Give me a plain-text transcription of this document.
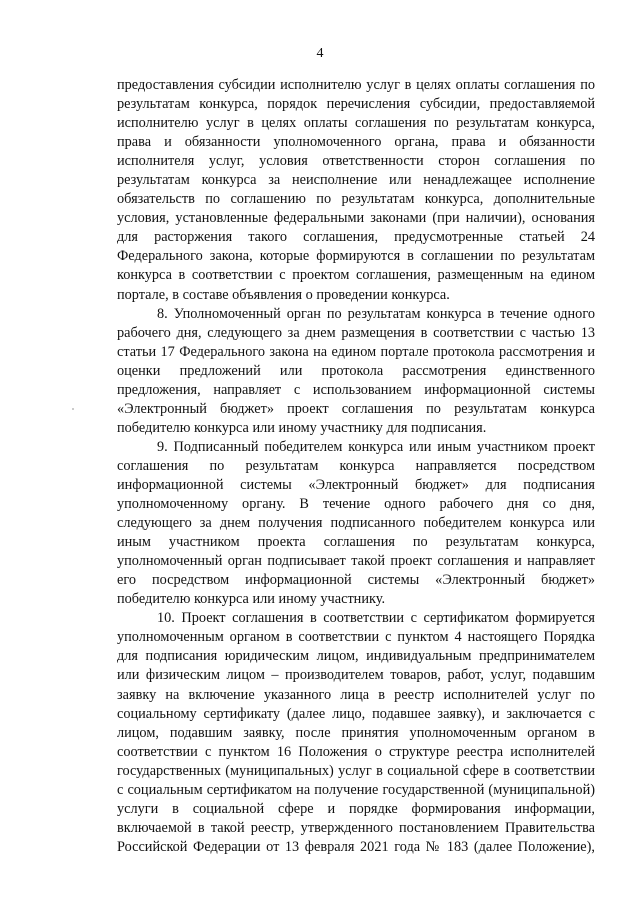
4

предоставления субсидии исполнителю услуг в целях оплаты соглашения по
результатам конкурса, порядок перечисления субсидии, предоставляемой
исполнителю услуг в целях оплаты соглашения по результатам конкурса,
права и обязанности уполномоченного органа, права и обязанности
исполнителя услуг, условия ответственности сторон соглашения по
результатам конкурса за неисполнение или ненадлежащее исполнение
обязательств по соглашению по результатам конкурса, дополнительные
условия, установленные федеральными законами (при наличии), основания
для расторжения такого соглашения, предусмотренные статьей 24
Федерального закона, которые формируются в соглашении по результатам
конкурса в соответствии с проектом соглашения, размещенным на едином
портале, в составе объявления о проведении конкурса.

8. Уполномоченный орган по результатам конкурса в течение одного
рабочего дня, следующего за днем размещения в соответствии с частью 13
статьи 17 Федерального закона на едином портале протокола рассмотрения и
оценки предложений или протокола рассмотрения единственного
предложения, направляет с использованием информационной системы
«Электронный бюджет» проект соглашения по результатам конкурса
победителю конкурса или иному участнику для подписания.

9. Подписанный победителем конкурса или иным участником проект
соглашения по результатам конкурса направляется посредством
информационной системы «Электронный бюджет» для подписания
уполномоченному органу. В течение одного рабочего дня со дня,
следующего за днем получения подписанного победителем конкурса или
иным участником проекта соглашения по результатам конкурса,
уполномоченный орган подписывает такой проект соглашения и направляет
его посредством информационной системы «Электронный бюджет»
победителю конкурса или иному участнику.

10. Проект соглашения в соответствии с сертификатом формируется
уполномоченным органом в соответствии с пунктом 4 настоящего Порядка
для подписания юридическим лицом, индивидуальным предпринимателем
или физическим лицом – производителем товаров, работ, услуг, подавшим
заявку на включение указанного лица в реестр исполнителей услуг по
социальному сертификату (далее лицо, подавшее заявку), и заключается с
лицом, подавшим заявку, после принятия уполномоченным органом в
соответствии с пунктом 16 Положения о структуре реестра исполнителей
государственных (муниципальных) услуг в социальной сфере в соответствии
с социальным сертификатом на получение государственной (муниципальной)
услуги в социальной сфере и порядке формирования информации,
включаемой в такой реестр, утвержденного постановлением Правительства
Российской Федерации от 13 февраля 2021 года № 183 (далее Положение),
